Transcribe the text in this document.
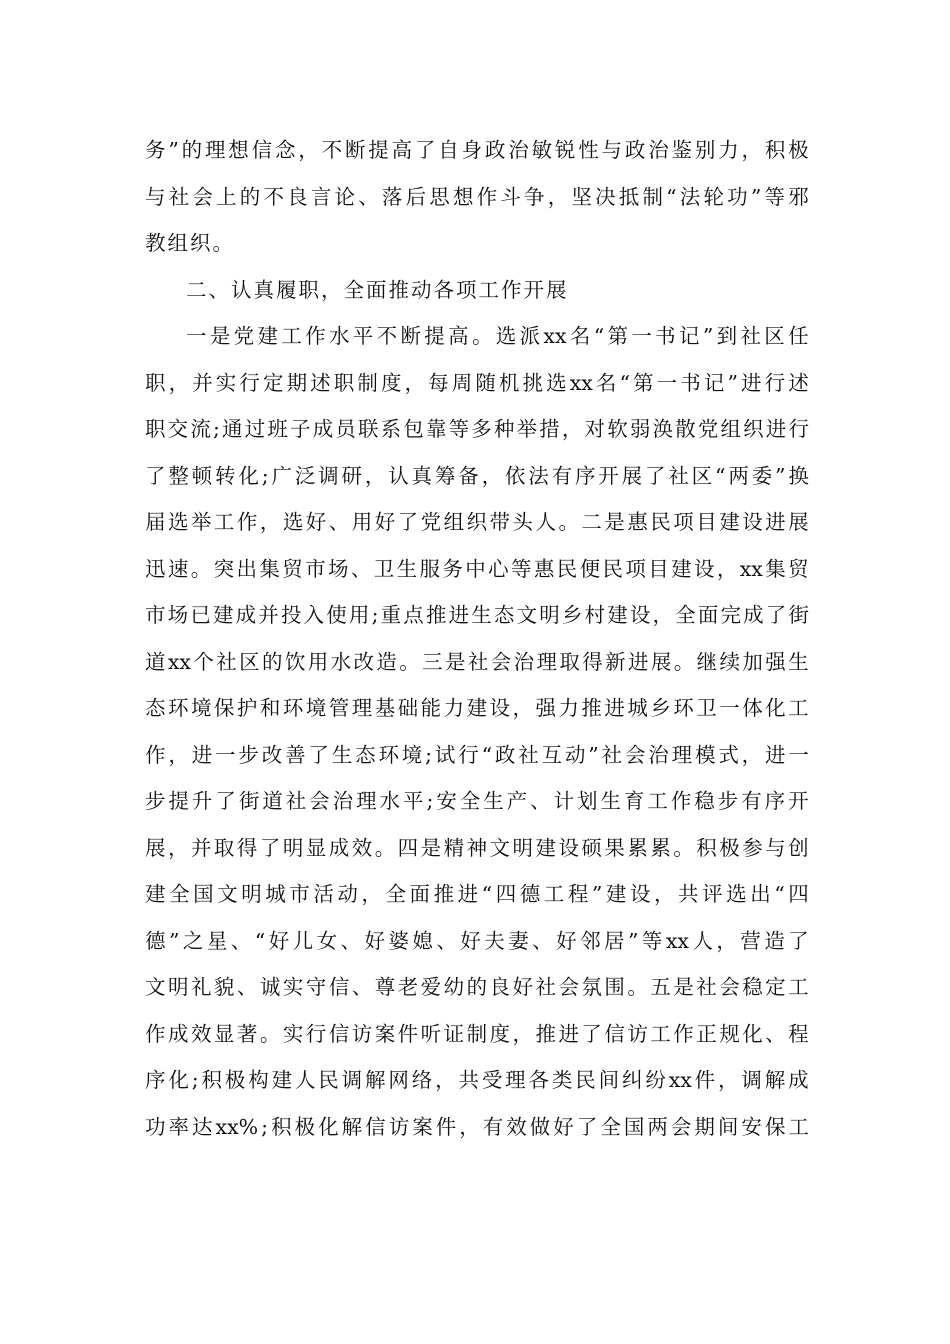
务 ” 的 理 想 信 念 ， 不 断 提 高 了 自 身 政 治 敏 锐 性 与 政 治 鉴 别 力 ， 积 极
与 社 会 上 的 不 良 言 论 、 落 后 思 想 作 斗 争 ， 坚 决 抵 制 “ 法 轮 功 ” 等 邪
教组织。
二、认真履职，全面推动各项工作开展
一 是 党 建 工 作 水 平 不 断 提 高 。 选 派 xx 名 “ 第 一 书 记 ” 到 社 区 任
职 ， 并 实 行 定 期 述 职 制 度 ， 每 周 随 机 挑 选 xx 名 “ 第 一 书 记 ” 进 行 述
职 交 流 ; 通 过 班 子 成 员 联 系 包 靠 等 多 种 举 措 ， 对 软 弱 涣 散 党 组 织 进 行
了 整 顿 转 化 ; 广 泛 调 研 ， 认 真 筹 备 ， 依 法 有 序 开 展 了 社 区 “ 两 委 ” 换
届 选 举 工 作 ， 选 好 、 用 好 了 党 组 织 带 头 人 。 二 是 惠 民 项 目 建 设 进 展
迅 速 。 突 出 集 贸 市 场 、 卫 生 服 务 中 心 等 惠 民 便 民 项 目 建 设 ， xx 集 贸
市 场 已 建 成 并 投 入 使 用 ; 重 点 推 进 生 态 文 明 乡 村 建 设 ， 全 面 完 成 了 街
道 xx 个 社 区 的 饮 用 水 改 造 。 三 是 社 会 治 理 取 得 新 进 展 。 继 续 加 强 生
态 环 境 保 护 和 环 境 管 理 基 础 能 力 建 设 ， 强 力 推 进 城 乡 环 卫 一 体 化 工
作 ， 进 一 步 改 善 了 生 态 环 境 ; 试 行 “ 政 社 互 动 ” 社 会 治 理 模 式 ， 进 一
步 提 升 了 街 道 社 会 治 理 水 平 ; 安 全 生 产 、 计 划 生 育 工 作 稳 步 有 序 开
展 ， 并 取 得 了 明 显 成 效 。 四 是 精 神 文 明 建 设 硕 果 累 累 。 积 极 参 与 创
建 全 国 文 明 城 市 活 动 ， 全 面 推 进 “ 四 德 工 程 ” 建 设 ， 共 评 选 出 “ 四
德 ” 之 星 、 “ 好 儿 女 、 好 婆 媳 、 好 夫 妻 、 好 邻 居 ” 等 xx 人 ， 营 造 了
文 明 礼 貌 、 诚 实 守 信 、 尊 老 爱 幼 的 良 好 社 会 氛 围 。 五 是 社 会 稳 定 工
作 成 效 显 著 。 实 行 信 访 案 件 听 证 制 度 ， 推 进 了 信 访 工 作 正 规 化 、 程
序 化 ; 积 极 构 建 人 民 调 解 网 络 ， 共 受 理 各 类 民 间 纠 纷 xx 件 ， 调 解 成
功 率 达 xx% ; 积 极 化 解 信 访 案 件 ， 有 效 做 好 了 全 国 两 会 期 间 安 保 工
